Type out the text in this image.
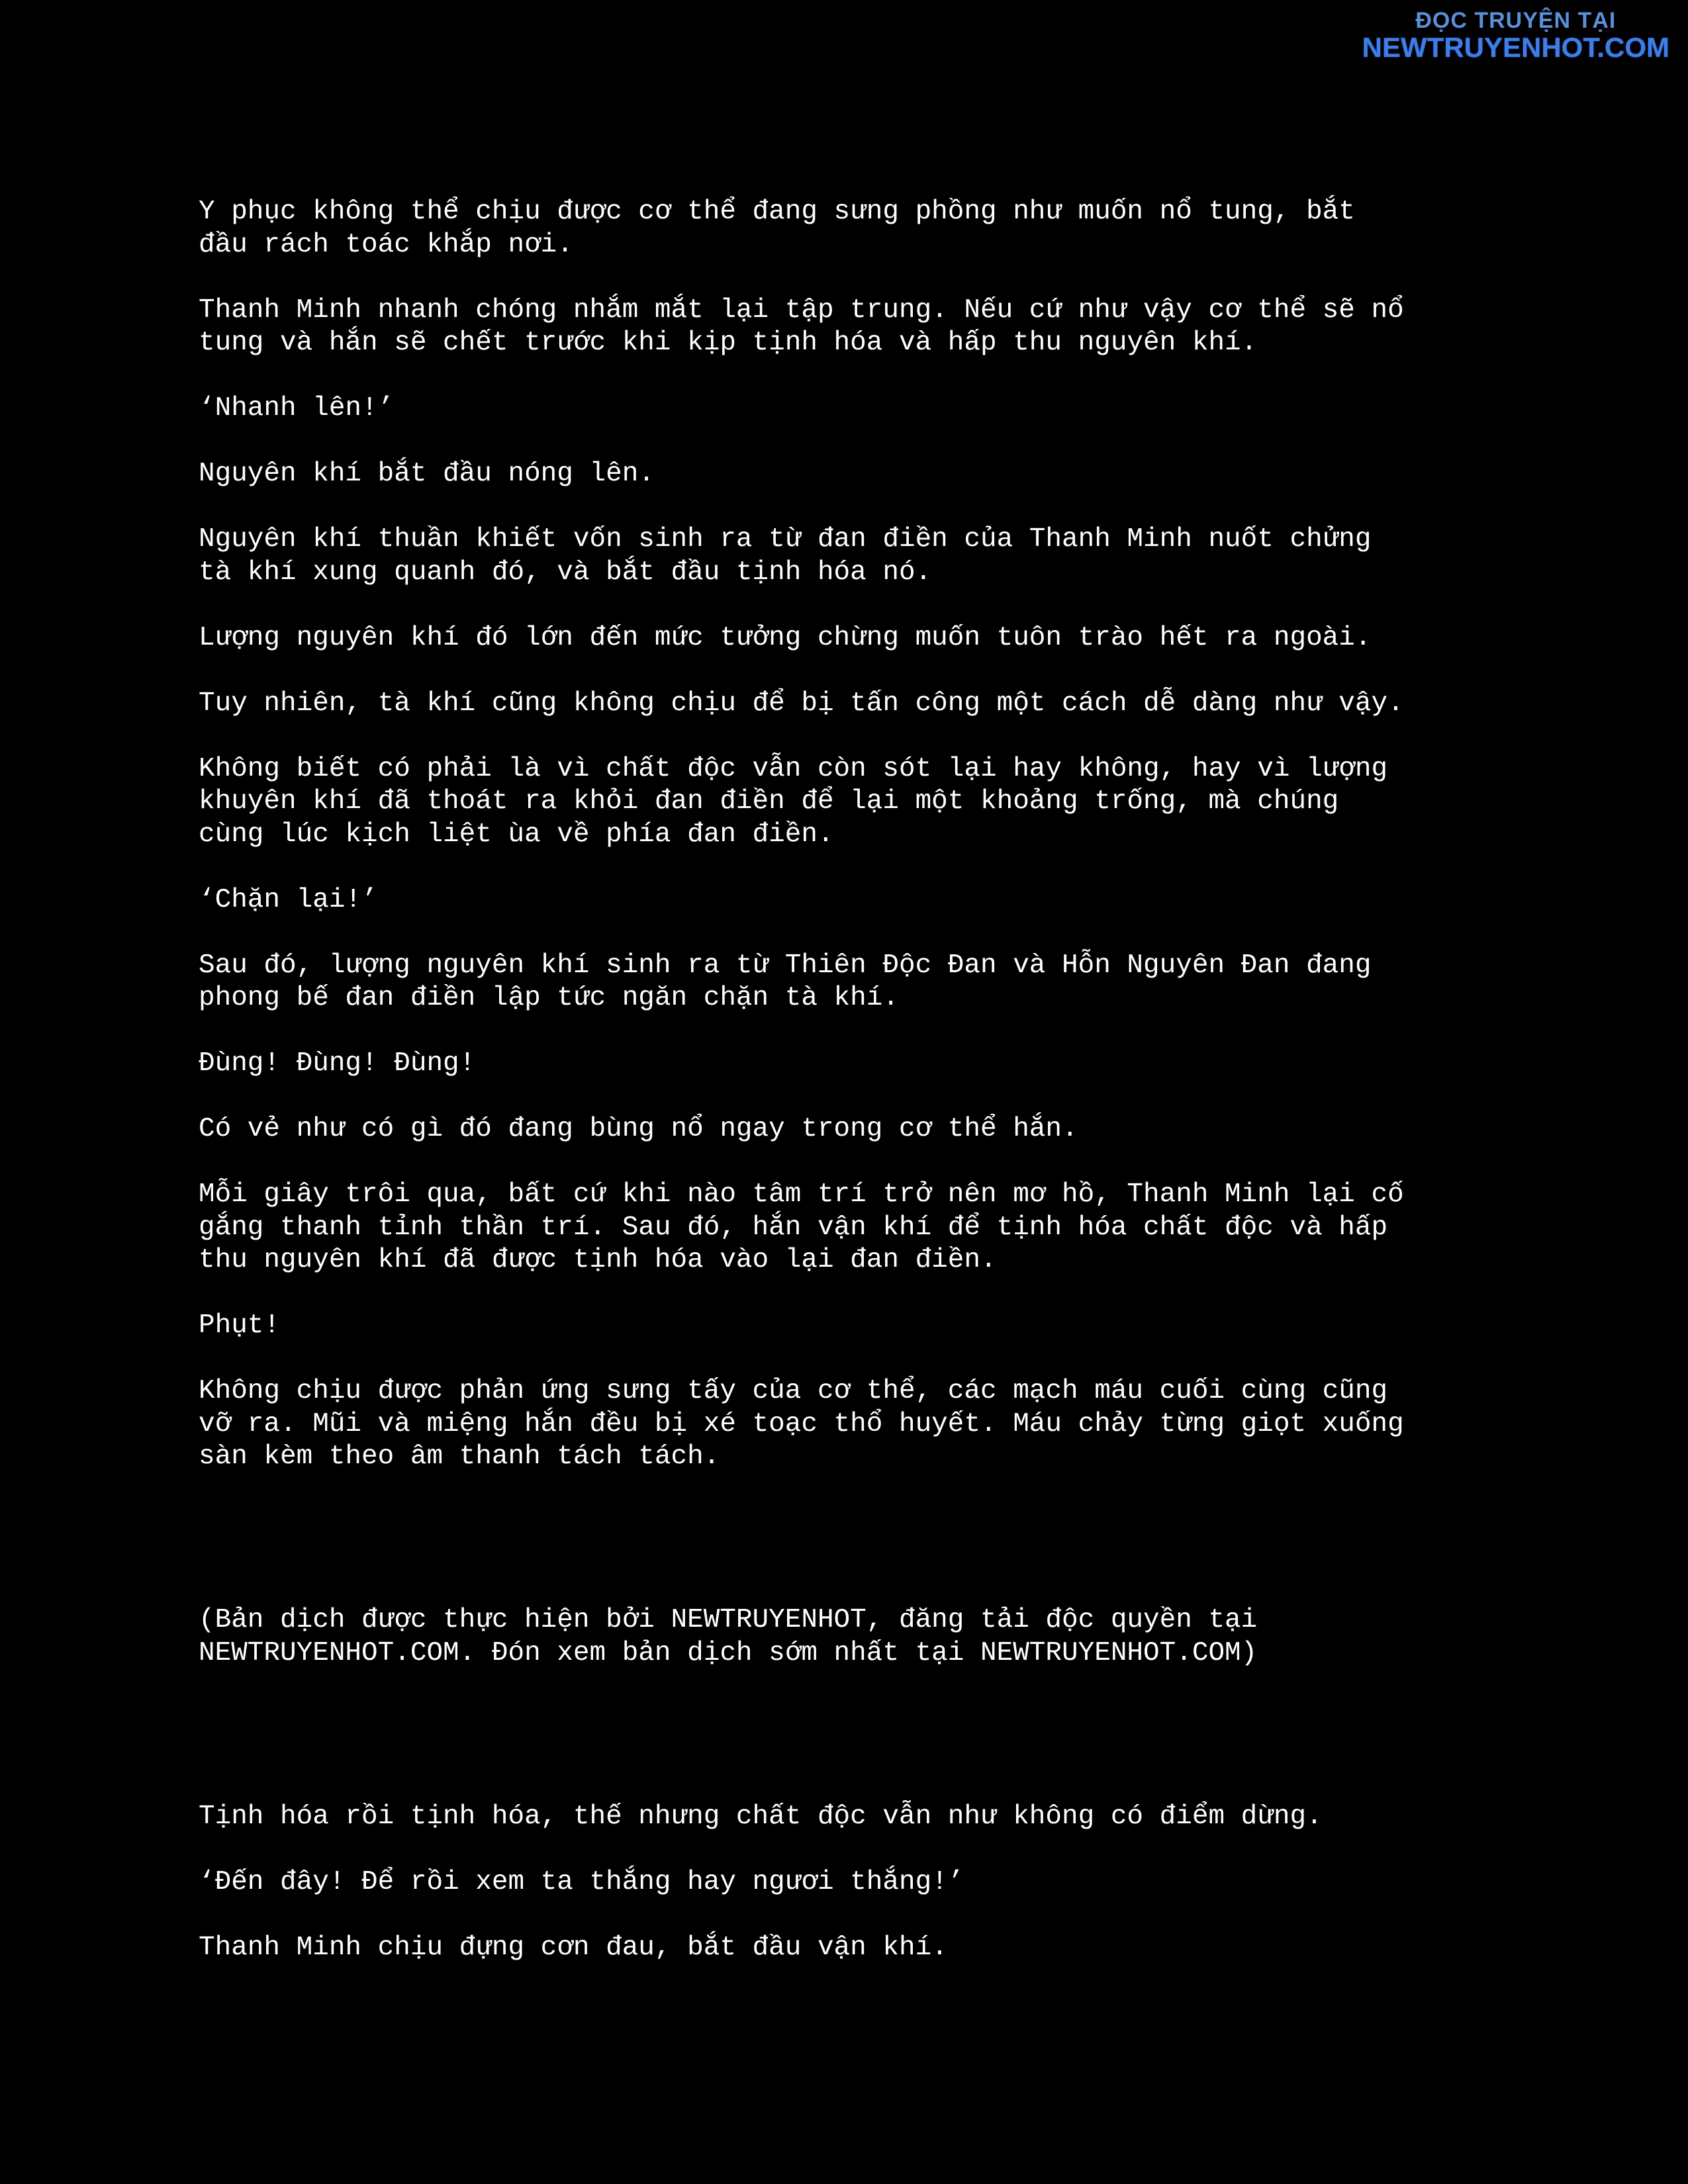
ĐỌC TRUYỆN TẠI
NEWTRUYENHOT.COM

Y phục không thể chịu được cơ thể đang sưng phồng như muốn nổ tung, bắt
đầu rách toác khắp nơi.

Thanh Minh nhanh chóng nhắm mắt lại tập trung. Nếu cứ như vậy cơ thể sẽ nổ
tung và hắn sẽ chết trước khi kịp tịnh hóa và hấp thu nguyên khí.

‘Nhanh lên!’

Nguyên khí bắt đầu nóng lên.

Nguyên khí thuần khiết vốn sinh ra từ đan điền của Thanh Minh nuốt chửng
tà khí xung quanh đó, và bắt đầu tịnh hóa nó.

Lượng nguyên khí đó lớn đến mức tưởng chừng muốn tuôn trào hết ra ngoài.

Tuy nhiên, tà khí cũng không chịu để bị tấn công một cách dễ dàng như vậy.

Không biết có phải là vì chất độc vẫn còn sót lại hay không, hay vì lượng
khuyên khí đã thoát ra khỏi đan điền để lại một khoảng trống, mà chúng
cùng lúc kịch liệt ùa về phía đan điền.

‘Chặn lại!’

Sau đó, lượng nguyên khí sinh ra từ Thiên Độc Đan và Hỗn Nguyên Đan đang
phong bế đan điền lập tức ngăn chặn tà khí.

Đùng! Đùng! Đùng!

Có vẻ như có gì đó đang bùng nổ ngay trong cơ thể hắn.

Mỗi giây trôi qua, bất cứ khi nào tâm trí trở nên mơ hồ, Thanh Minh lại cố
gắng thanh tỉnh thần trí. Sau đó, hắn vận khí để tịnh hóa chất độc và hấp
thu nguyên khí đã được tịnh hóa vào lại đan điền.

Phụt!

Không chịu được phản ứng sưng tấy của cơ thể, các mạch máu cuối cùng cũng
vỡ ra. Mũi và miệng hắn đều bị xé toạc thổ huyết. Máu chảy từng giọt xuống
sàn kèm theo âm thanh tách tách.

(Bản dịch được thực hiện bởi NEWTRUYENHOT, đăng tải độc quyền tại
NEWTRUYENHOT.COM. Đón xem bản dịch sớm nhất tại NEWTRUYENHOT.COM)

Tịnh hóa rồi tịnh hóa, thế nhưng chất độc vẫn như không có điểm dừng.

‘Đến đây! Để rồi xem ta thắng hay ngươi thắng!’

Thanh Minh chịu đựng cơn đau, bắt đầu vận khí.
